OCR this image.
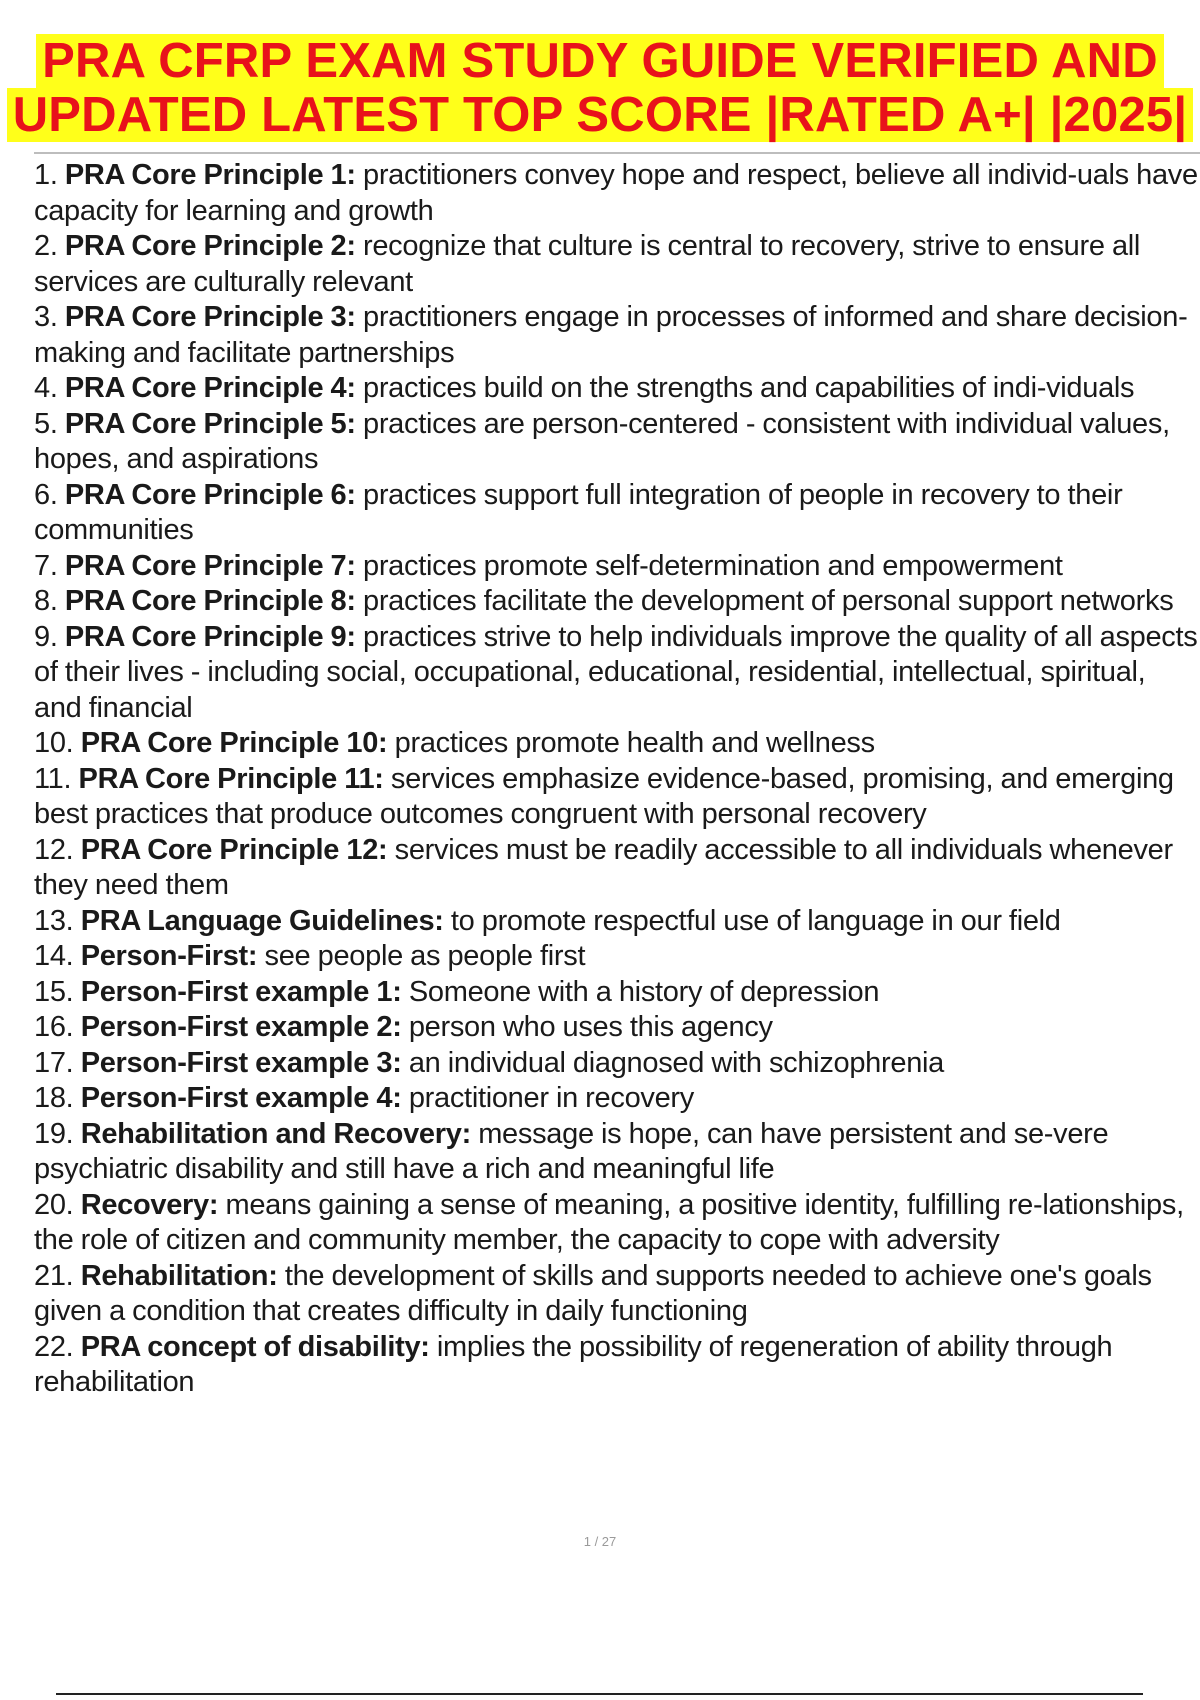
PRA CFRP EXAM STUDY GUIDE VERIFIED AND
UPDATED LATEST TOP SCORE |RATED A+| |2025|

1. PRA Core Principle 1: practitioners convey hope and respect, believe all individ-uals have capacity for learning and growth

2. PRA Core Principle 2: recognize that culture is central to recovery, strive to ensure all services are culturally relevant

3. PRA Core Principle 3: practitioners engage in processes of informed and share decision-making and facilitate partnerships

4. PRA Core Principle 4: practices build on the strengths and capabilities of indi-viduals

5. PRA Core Principle 5: practices are person-centered - consistent with individual values, hopes, and aspirations

6. PRA Core Principle 6: practices support full integration of people in recovery to their communities

7. PRA Core Principle 7: practices promote self-determination and empowerment

8. PRA Core Principle 8: practices facilitate the development of personal support networks

9. PRA Core Principle 9: practices strive to help individuals improve the quality of all aspects of their lives - including social, occupational, educational, residential, intellectual, spiritual, and financial

10. PRA Core Principle 10: practices promote health and wellness

11. PRA Core Principle 11: services emphasize evidence-based, promising, and emerging best practices that produce outcomes congruent with personal recovery

12. PRA Core Principle 12: services must be readily accessible to all individuals whenever they need them

13. PRA Language Guidelines: to promote respectful use of language in our field

14. Person-First: see people as people first

15. Person-First example 1: Someone with a history of depression

16. Person-First example 2: person who uses this agency

17. Person-First example 3: an individual diagnosed with schizophrenia

18. Person-First example 4: practitioner in recovery

19. Rehabilitation and Recovery: message is hope, can have persistent and se-vere psychiatric disability and still have a rich and meaningful life

20. Recovery: means gaining a sense of meaning, a positive identity, fulfilling re-lationships, the role of citizen and community member, the capacity to cope with adversity

21. Rehabilitation: the development of skills and supports needed to achieve one's goals given a condition that creates difficulty in daily functioning

22. PRA concept of disability: implies the possibility of regeneration of ability through rehabilitation

1 / 27
